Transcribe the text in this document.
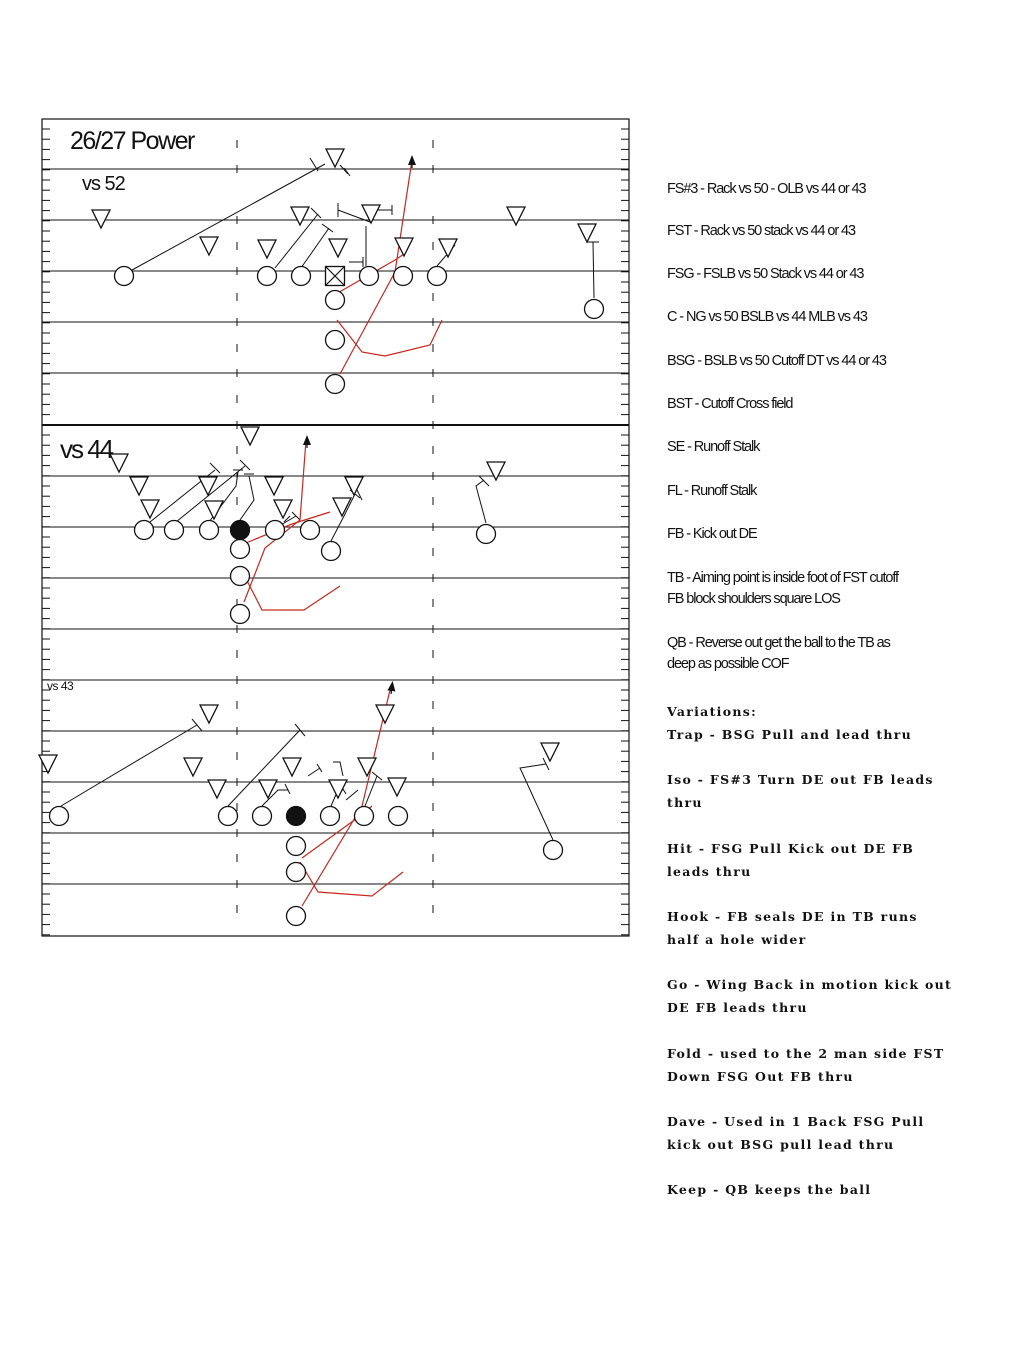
26/27 Power
vs 52
vs 44
vs 43
FS#3 - Rack vs 50 - OLB vs 44 or 43
FST - Rack vs 50 stack vs 44 or 43
FSG - FSLB vs 50 Stack vs 44 or 43
C - NG vs 50 BSLB vs 44 MLB vs 43
BSG - BSLB vs 50 Cutoff DT vs 44 or 43
BST - Cutoff Cross field
SE - Runoff Stalk
FL - Runoff Stalk
FB - Kick out DE
TB - Aiming point is inside foot of FST cutoff
FB block shoulders square LOS
QB - Reverse out get the ball to the TB as
deep as possible COF
Variations:
Trap - BSG Pull and lead thru
Iso - FS#3 Turn DE out FB leads
thru
Hit - FSG Pull Kick out DE FB
leads thru
Hook - FB seals DE in TB runs
half a hole wider
Go - Wing Back in motion kick out
DE FB leads thru
Fold - used to the 2 man side FST
Down FSG Out FB thru
Dave - Used in 1 Back FSG Pull
kick out BSG pull lead thru
Keep - QB keeps the ball
